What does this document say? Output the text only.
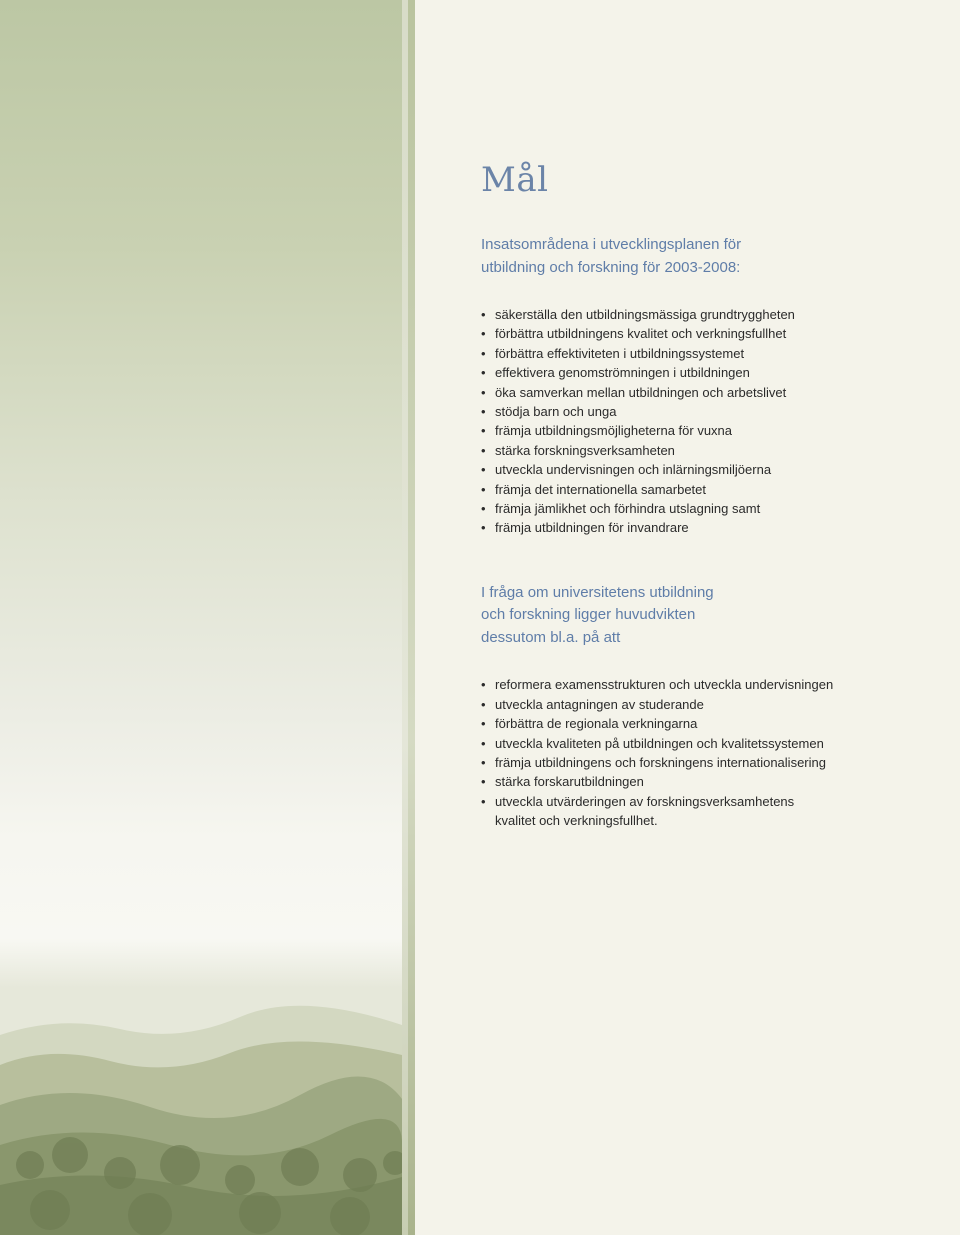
Mål
Insatsområdena i utvecklingsplanen för
utbildning och forskning för 2003-2008:
• säkerställa den utbildningsmässiga grundtryggheten
• förbättra utbildningens kvalitet och verkningsfullhet
• förbättra effektiviteten i utbildningssystemet
• effektivera genomströmningen i utbildningen
• öka samverkan mellan utbildningen och arbetslivet
• stödja barn och unga
• främja utbildningsmöjligheterna för vuxna
• stärka forskningsverksamheten
• utveckla undervisningen och inlärningsmiljöerna
• främja det internationella samarbetet
• främja jämlikhet och förhindra utslagning samt
• främja utbildningen för invandrare
I fråga om universitetens utbildning
och forskning ligger huvudvikten
dessutom bl.a. på att
• reformera examensstrukturen och utveckla undervisningen
• utveckla antagningen av studerande
• förbättra de regionala verkningarna
• utveckla kvaliteten på utbildningen och kvalitetssystemen
• främja utbildningens och forskningens internationalisering
• stärka forskarutbildningen
• utveckla utvärderingen av forskningsverksamhetens
kvalitet och verkningsfullhet.
